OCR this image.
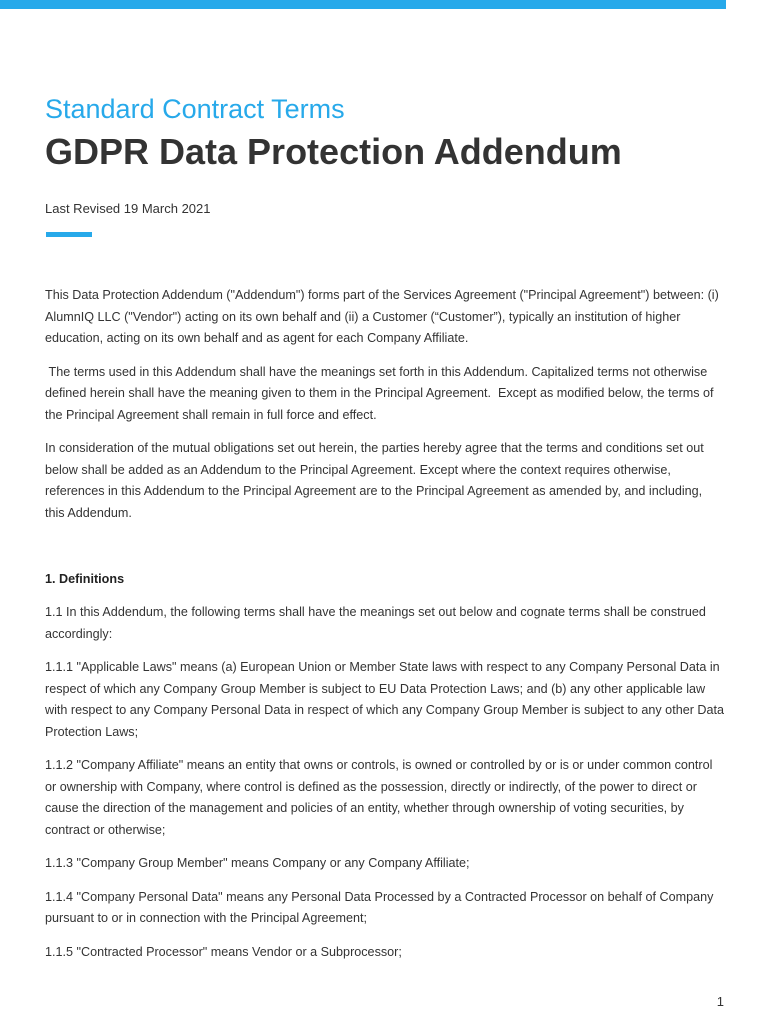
Standard Contract Terms
GDPR Data Protection Addendum

Last Revised 19 March 2021

This Data Protection Addendum ("Addendum") forms part of the Services Agreement ("Principal Agreement") between: (i) AlumnIQ LLC ("Vendor") acting on its own behalf and (ii) a Customer (“Customer”), typically an institution of higher education, acting on its own behalf and as agent for each Company Affiliate.

The terms used in this Addendum shall have the meanings set forth in this Addendum. Capitalized terms not otherwise defined herein shall have the meaning given to them in the Principal Agreement.  Except as modified below, the terms of the Principal Agreement shall remain in full force and effect.

In consideration of the mutual obligations set out herein, the parties hereby agree that the terms and conditions set out below shall be added as an Addendum to the Principal Agreement. Except where the context requires otherwise, references in this Addendum to the Principal Agreement are to the Principal Agreement as amended by, and including, this Addendum.

1. Definitions

1.1 In this Addendum, the following terms shall have the meanings set out below and cognate terms shall be construed accordingly:

1.1.1 "Applicable Laws" means (a) European Union or Member State laws with respect to any Company Personal Data in respect of which any Company Group Member is subject to EU Data Protection Laws; and (b) any other applicable law with respect to any Company Personal Data in respect of which any Company Group Member is subject to any other Data Protection Laws;

1.1.2 "Company Affiliate" means an entity that owns or controls, is owned or controlled by or is or under common control or ownership with Company, where control is defined as the possession, directly or indirectly, of the power to direct or cause the direction of the management and policies of an entity, whether through ownership of voting securities, by contract or otherwise;

1.1.3 "Company Group Member" means Company or any Company Affiliate;

1.1.4 "Company Personal Data" means any Personal Data Processed by a Contracted Processor on behalf of Company pursuant to or in connection with the Principal Agreement;

1.1.5 "Contracted Processor" means Vendor or a Subprocessor;

1
